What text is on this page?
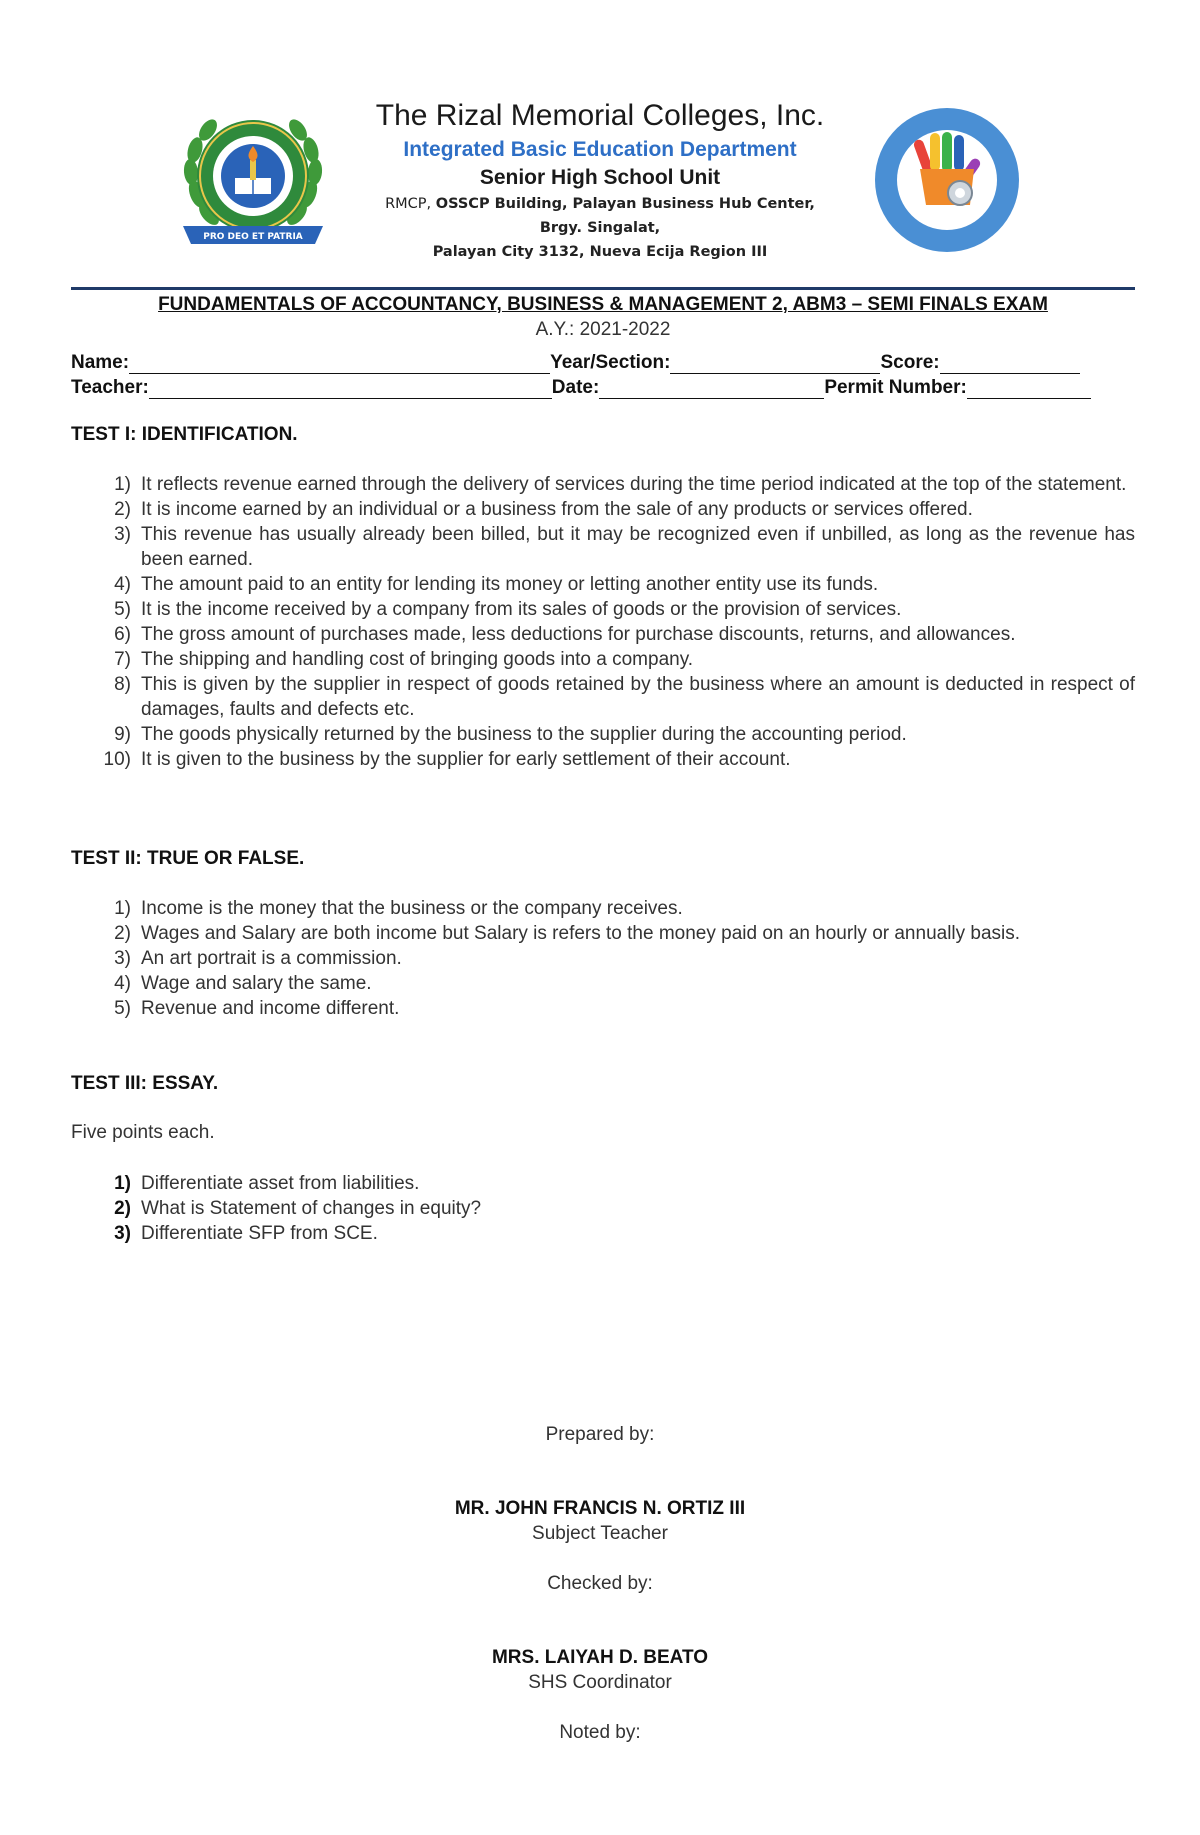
PRO DEO ET PATRIA
The Rizal Memorial Colleges, Inc.
Integrated Basic Education Department
Senior High School Unit
RMCP, OSSCP Building, Palayan Business Hub Center,
Brgy. Singalat,
Palayan City 3132, Nueva Ecija Region III
FUNDAMENTALS OF ACCOUNTANCY, BUSINESS & MANAGEMENT 2, ABM3 – SEMI FINALS EXAM
A.Y.: 2021-2022
Name:	Year/Section:	Score:
Teacher:	Date:	Permit Number:
TEST I: IDENTIFICATION.
1) It reflects revenue earned through the delivery of services during the time period indicated at the top of the statement.
2) It is income earned by an individual or a business from the sale of any products or services offered.
3) This revenue has usually already been billed, but it may be recognized even if unbilled, as long as the revenue has been earned.
4) The amount paid to an entity for lending its money or letting another entity use its funds.
5) It is the income received by a company from its sales of goods or the provision of services.
6) The gross amount of purchases made, less deductions for purchase discounts, returns, and allowances.
7) The shipping and handling cost of bringing goods into a company.
8) This is given by the supplier in respect of goods retained by the business where an amount is deducted in respect of damages, faults and defects etc.
9) The goods physically returned by the business to the supplier during the accounting period.
10) It is given to the business by the supplier for early settlement of their account.
TEST II: TRUE OR FALSE.
1) Income is the money that the business or the company receives.
2) Wages and Salary are both income but Salary is refers to the money paid on an hourly or annually basis.
3) An art portrait is a commission.
4) Wage and salary the same.
5) Revenue and income different.
TEST III: ESSAY.
Five points each.
1) Differentiate asset from liabilities.
2) What is Statement of changes in equity?
3) Differentiate SFP from SCE.
Prepared by:
MR. JOHN FRANCIS N. ORTIZ III
Subject Teacher
Checked by:
MRS. LAIYAH D. BEATO
SHS Coordinator
Noted by:
